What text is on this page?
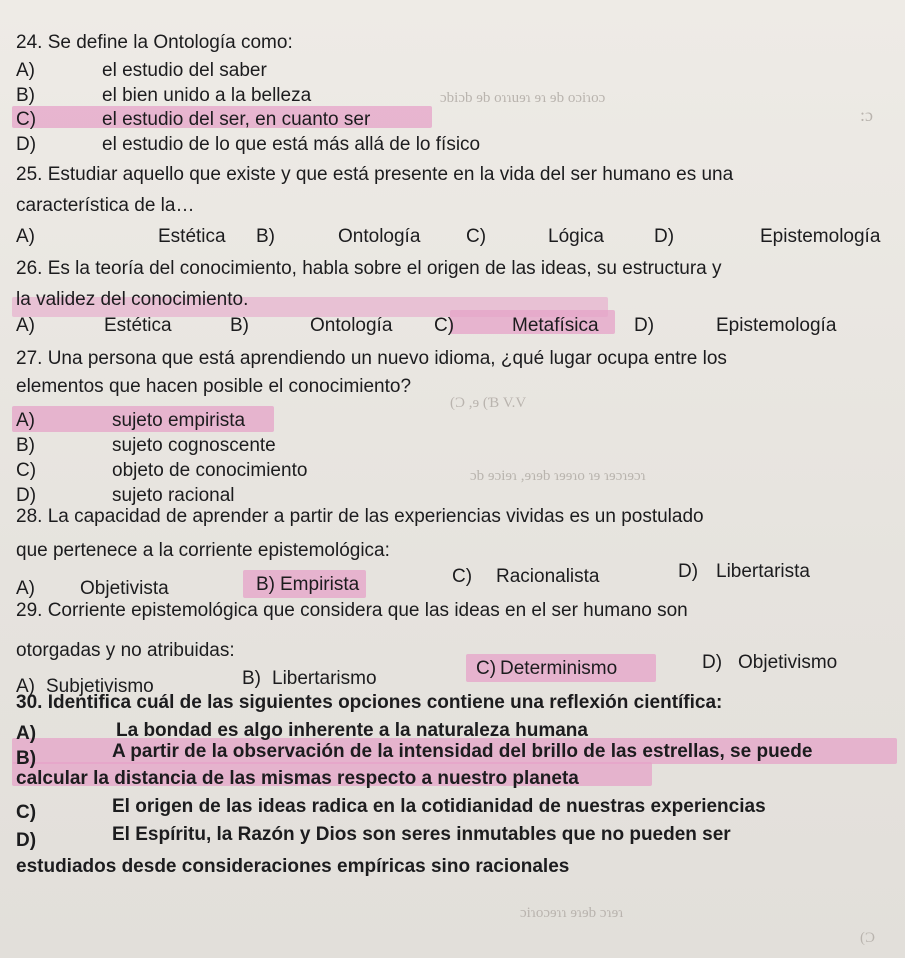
ɔbiɔb ɘb oɿɿuɘɿ ɘɿ ɘb oɔiɿoɔ
(Ɔ ,ɘ (Ɓ V.V
ɔb ɘɔiɘɿ ,ɘɿɘb ɿɘɘɿo ɿɘ ɿɘɔɿɘɔɿ
ɔiɿoɔɘɿɿ ɘɿɘb ɔɿɘɿ
:ɔ
(Ɔ
24. Se define la Ontología como:
A)	el estudio del saber
B)	el bien unido a la belleza
C)	el estudio del ser, en cuanto ser
D)	el estudio de lo que está más allá de lo físico
25. Estudiar aquello que existe y que está presente en la vida del ser humano es una
característica de la…
A)	Estética B)	Ontología C)	Lógica	D)	Epistemología
26. Es la teoría del conocimiento, habla sobre el origen de las ideas, su estructura y
la validez del conocimiento.
A)	Estética	B)	Ontología C)	Metafísica D)	Epistemología
27. Una persona que está aprendiendo un nuevo idioma, ¿qué lugar ocupa entre los
elementos que hacen posible el conocimiento?
A)	sujeto empirista
B)	sujeto cognoscente
C)	objeto de conocimiento
D)	sujeto racional
28. La capacidad de aprender a partir de las experiencias vividas es un postulado
que pertenece a la corriente epistemológica:
A) Objetivista	B) Empirista	C) Racionalista	D) Libertarista
29. Corriente epistemológica que considera que las ideas en el ser humano son
otorgadas y no atribuidas:
A) Subjetivismo	B) Libertarismo	C) Determinismo	D) Objetivismo
30. Identifica cuál de las siguientes opciones contiene una reflexión científica:
A)	La bondad es algo inherente a la naturaleza humana
B)	A partir de la observación de la intensidad del brillo de las estrellas, se puede
calcular la distancia de las mismas respecto a nuestro planeta
C)	El origen de las ideas radica en la cotidianidad de nuestras experiencias
D)	El Espíritu, la Razón y Dios son seres inmutables que no pueden ser
estudiados desde consideraciones empíricas sino racionales
